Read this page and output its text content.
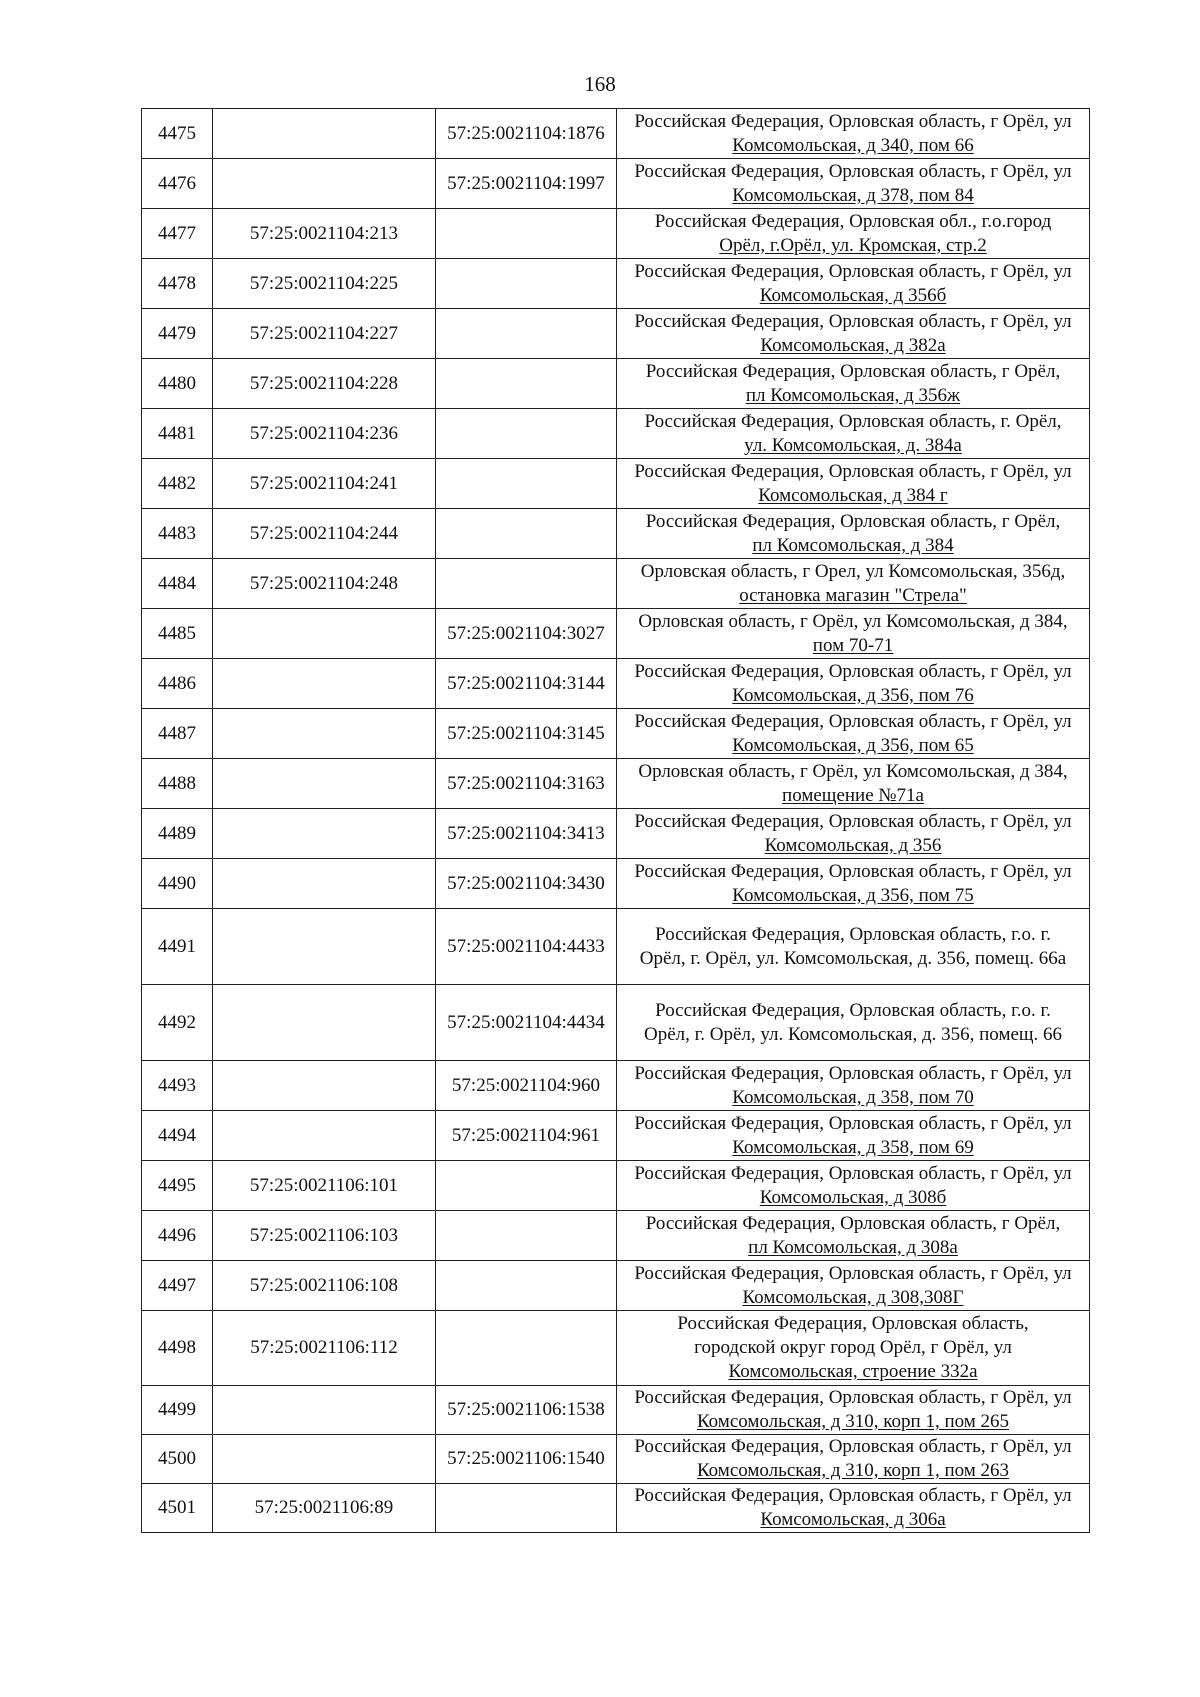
168
4475		57:25:0021104:1876	Российская Федерация, Орловская область, г Орёл, ул
Комсомольская, д 340, пом 66

4476		57:25:0021104:1997	Российская Федерация, Орловская область, г Орёл, ул
Комсомольская, д 378, пом 84

4477	57:25:0021104:213		Российская Федерация, Орловская обл., г.о.город
Орёл, г.Орёл, ул. Кромская, стр.2

4478	57:25:0021104:225		Российская Федерация, Орловская область, г Орёл, ул
Комсомольская, д 356б

4479	57:25:0021104:227		Российская Федерация, Орловская область, г Орёл, ул
Комсомольская, д 382а

4480	57:25:0021104:228		Российская Федерация, Орловская область, г Орёл,
пл Комсомольская, д 356ж

4481	57:25:0021104:236		Российская Федерация, Орловская область, г. Орёл,
ул. Комсомольская, д. 384а

4482	57:25:0021104:241		Российская Федерация, Орловская область, г Орёл, ул
Комсомольская, д 384 г

4483	57:25:0021104:244		Российская Федерация, Орловская область, г Орёл,
пл Комсомольская, д 384

4484	57:25:0021104:248		Орловская область, г Орел, ул Комсомольская, 356д,
остановка магазин "Стрела"

4485		57:25:0021104:3027	Орловская область, г Орёл, ул Комсомольская, д 384,
пом 70-71

4486		57:25:0021104:3144	Российская Федерация, Орловская область, г Орёл, ул
Комсомольская, д 356, пом 76

4487		57:25:0021104:3145	Российская Федерация, Орловская область, г Орёл, ул
Комсомольская, д 356, пом 65

4488		57:25:0021104:3163	Орловская область, г Орёл, ул Комсомольская, д 384,
помещение №71а

4489		57:25:0021104:3413	Российская Федерация, Орловская область, г Орёл, ул
Комсомольская, д 356

4490		57:25:0021104:3430	Российская Федерация, Орловская область, г Орёл, ул
Комсомольская, д 356, пом 75

4491		57:25:0021104:4433	Российская Федерация, Орловская область, г.о. г.
Орёл, г. Орёл, ул. Комсомольская, д. 356, помещ. 66а

4492		57:25:0021104:4434	Российская Федерация, Орловская область, г.о. г.
Орёл, г. Орёл, ул. Комсомольская, д. 356, помещ. 66

4493		57:25:0021104:960	Российская Федерация, Орловская область, г Орёл, ул
Комсомольская, д 358, пом 70

4494		57:25:0021104:961	Российская Федерация, Орловская область, г Орёл, ул
Комсомольская, д 358, пом 69

4495	57:25:0021106:101		Российская Федерация, Орловская область, г Орёл, ул
Комсомольская, д 308б

4496	57:25:0021106:103		Российская Федерация, Орловская область, г Орёл,
пл Комсомольская, д 308а

4497	57:25:0021106:108		Российская Федерация, Орловская область, г Орёл, ул
Комсомольская, д 308,308Г

4498	57:25:0021106:112		Российская Федерация, Орловская область,
городской округ город Орёл, г Орёл, ул
Комсомольская, строение 332а

4499		57:25:0021106:1538	Российская Федерация, Орловская область, г Орёл, ул
Комсомольская, д 310, корп 1, пом 265

4500		57:25:0021106:1540	Российская Федерация, Орловская область, г Орёл, ул
Комсомольская, д 310, корп 1, пом 263

4501	57:25:0021106:89		Российская Федерация, Орловская область, г Орёл, ул
Комсомольская, д 306а
